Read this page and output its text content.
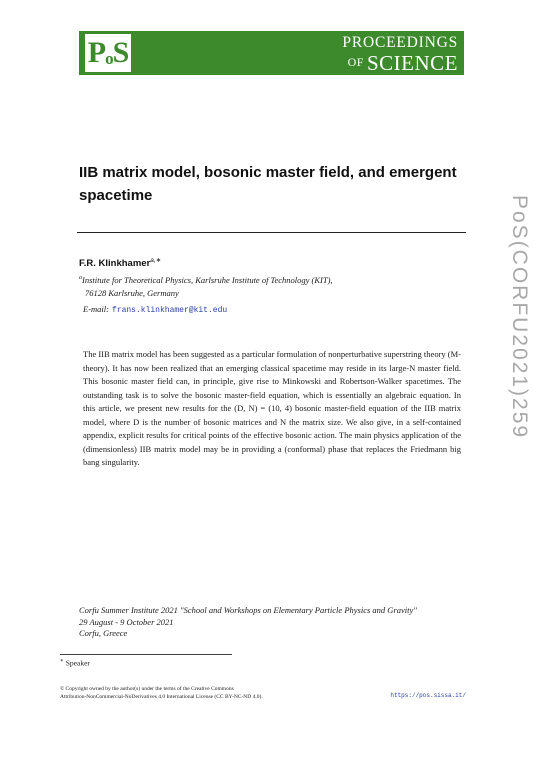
PoS	PROCEEDINGS
OF SCIENCE
IIB matrix model, bosonic master field, and emergent spacetime

F.R. Klinkhamer$^{a,∗}$

$^a$Institute for Theoretical Physics, Karlsruhe Institute of Technology (KIT),
76128 Karlsruhe, Germany
E-mail: frans.klinkhamer@kit.edu

The IIB matrix model has been suggested as a particular formulation of nonperturbative superstring theory (M-theory). It has now been realized that an emerging classical spacetime may reside in its large-N master field. This bosonic master field can, in principle, give rise to Minkowski and Robertson-Walker spacetimes. The outstanding task is to solve the bosonic master-field equation, which is essentially an algebraic equation. In this article, we present new results for the (D, N) = (10, 4) bosonic master-field equation of the IIB matrix model, where D is the number of bosonic matrices and N the matrix size. We also give, in a self-contained appendix, explicit results for critical points of the effective bosonic action. The main physics application of the (dimensionless) IIB matrix model may be in providing a (conformal) phase that replaces the Friedmann big bang singularity.

PoS(CORFU2021)259
Corfu Summer Institute 2021 "School and Workshops on Elementary Particle Physics and Gravity"
29 August - 9 October 2021
Corfu, Greece
∗ Speaker
© Copyright owned by the author(s) under the terms of the Creative Commons
Attribution-NonCommercial-NoDerivatives 4.0 International License (CC BY-NC-ND 4.0).	https://pos.sissa.it/
